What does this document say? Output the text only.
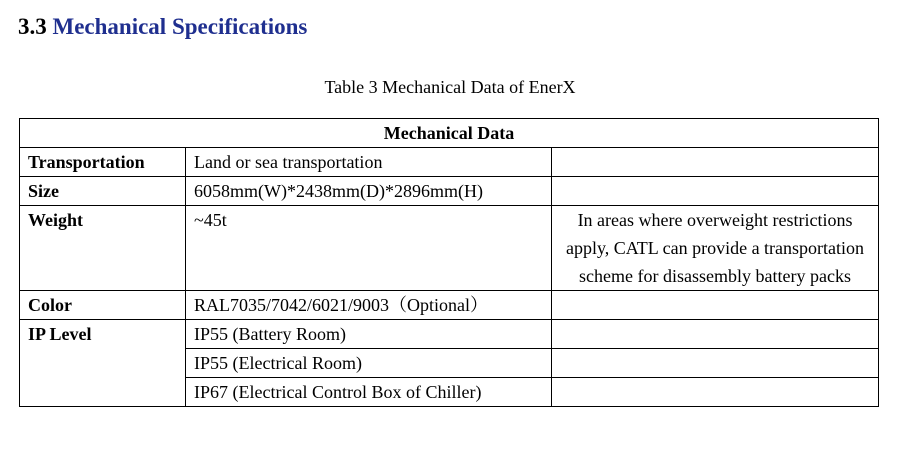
3.3 Mechanical Specifications
Table 3 Mechanical Data of EnerX
Mechanical Data		
Transportation	Land or sea transportation	
Size	6058mm(W)*2438mm(D)*2896mm(H)	
Weight	~45t	In areas where overweight restrictions apply, CATL can provide a transportation scheme for disassembly battery packs
Color	RAL7035/7042/6021/9003（Optional）	
IP Level	IP55 (Battery Room)	
	IP55 (Electrical Room)	
	IP67 (Electrical Control Box of Chiller)	
